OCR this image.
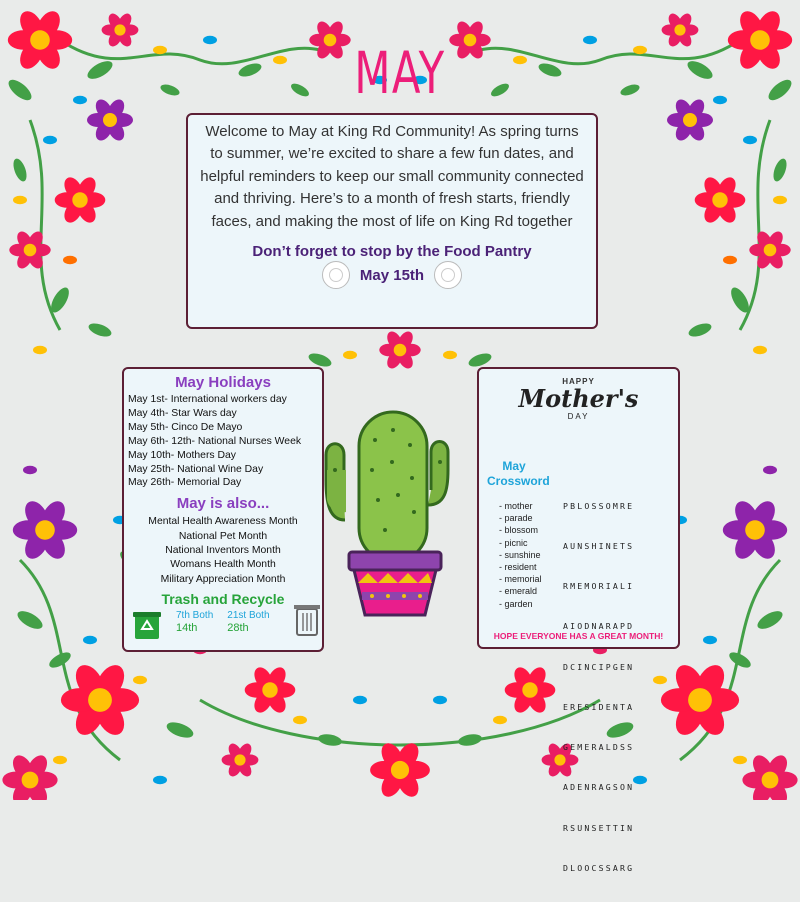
MAY
Welcome to May at King Rd Community! As spring turns to summer, we’re excited to share a few fun dates, and helpful reminders to keep our small community connected and thriving. Here’s to a month of fresh starts, friendly faces, and making the most of life on King Rd together
Don’t forget to stop by the Food Pantry
May 15th
May Holidays
May 1st- International workers day
May 4th- Star Wars day
May 5th- Cinco De Mayo
May 6th- 12th- National Nurses Week
May 10th- Mothers Day
May 25th- National Wine Day
May 26th- Memorial Day
May is also...
Mental Health Awareness Month
National Pet Month
National Inventors Month
Womans Health Month
Military Appreciation Month
Trash and Recycle
7th Both
14th
21st Both
28th
HAPPY
Mother's
DAY
May Crossword
- mother
- parade
- blossom
- picnic
- sunshine
- resident
- memorial
- emerald
- garden

PBLOSSOMRE

AUNSHINETS

RMEMORIALI

AIODNARAPD

DCINCIPGEN

ERESIDENTA

GEMERALDSS

ADENRAGSON

RSUNSETTIN

DLOOCSSARG

HOPE EVERYONE HAS A GREAT MONTH!
